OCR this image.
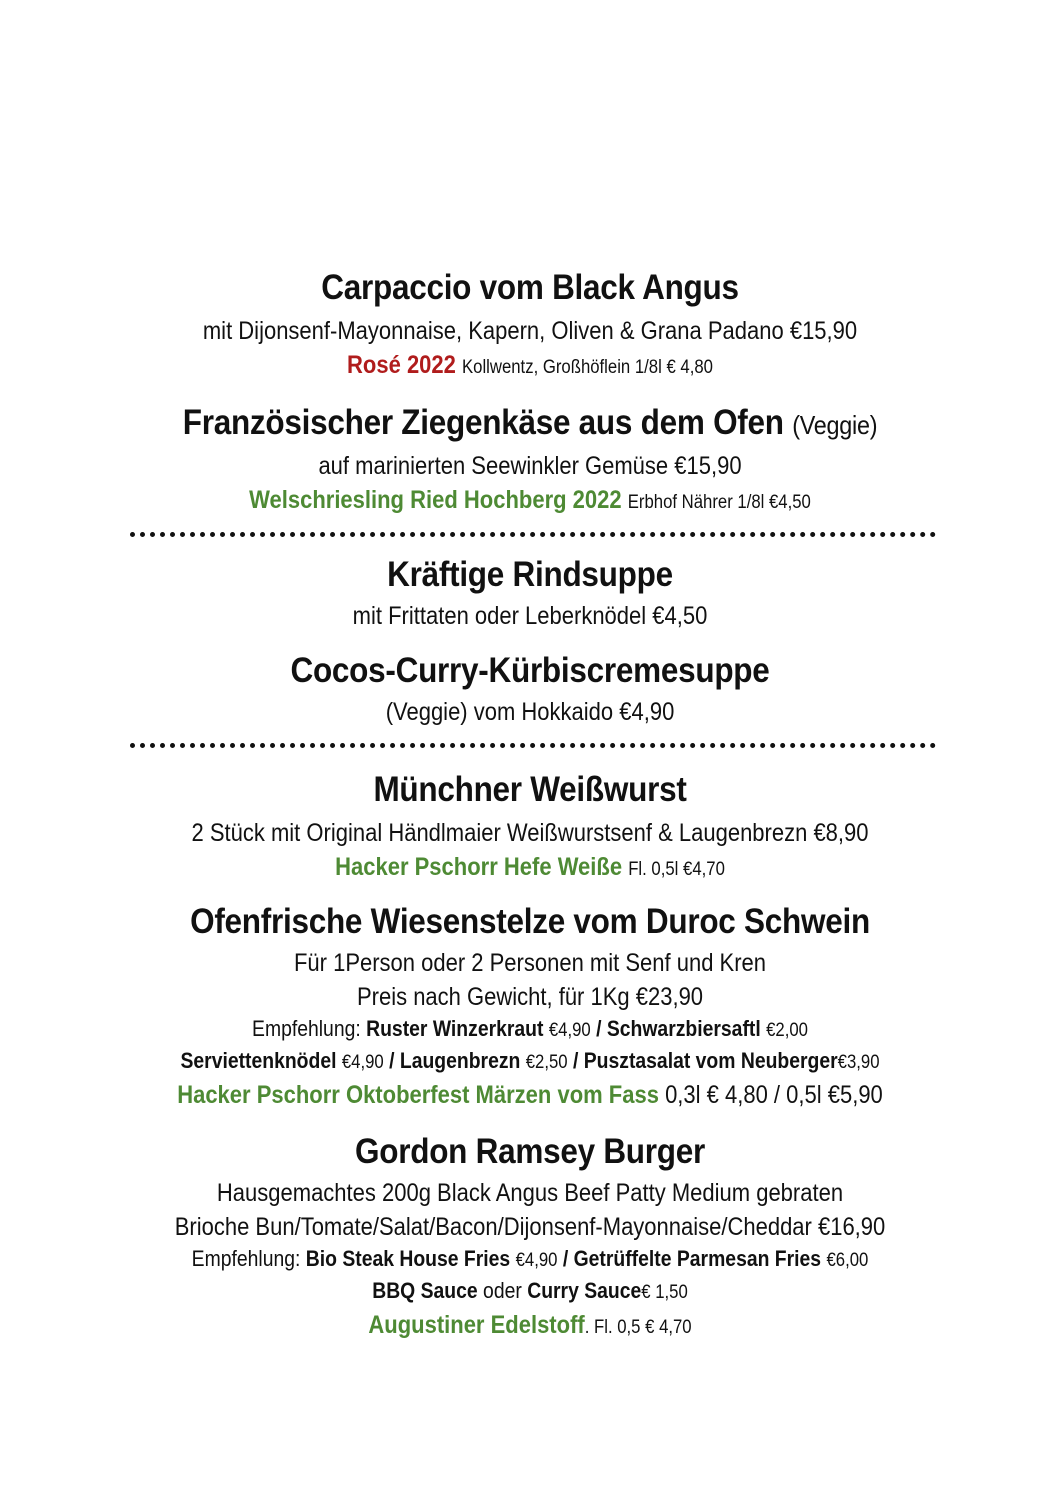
Carpaccio vom Black Angus
mit Dijonsenf-Mayonnaise, Kapern, Oliven & Grana Padano €15,90
Rosé 2022 Kollwentz, Großhöflein 1/8l € 4,80
Französischer Ziegenkäse aus dem Ofen (Veggie)
auf marinierten Seewinkler Gemüse €15,90
Welschriesling Ried Hochberg 2022 Erbhof Nährer 1/8l €4,50
Kräftige Rindsuppe
mit Frittaten oder Leberknödel €4,50
Cocos-Curry-Kürbiscremesuppe
(Veggie) vom Hokkaido €4,90
Münchner Weißwurst
2 Stück mit Original Händlmaier Weißwurstsenf & Laugenbrezn €8,90
Hacker Pschorr Hefe Weiße Fl. 0,5l €4,70
Ofenfrische Wiesenstelze vom Duroc Schwein
Für 1Person oder 2 Personen mit Senf und Kren
Preis nach Gewicht, für 1Kg €23,90
Empfehlung: Ruster Winzerkraut €4,90 / Schwarzbiersaftl €2,00
Serviettenknödel €4,90 / Laugenbrezn €2,50 / Pusztasalat vom Neuberger€3,90
Hacker Pschorr Oktoberfest Märzen vom Fass 0,3l € 4,80 / 0,5l €5,90
Gordon Ramsey Burger
Hausgemachtes 200g Black Angus Beef Patty Medium gebraten
Brioche Bun/Tomate/Salat/Bacon/Dijonsenf-Mayonnaise/Cheddar €16,90
Empfehlung: Bio Steak House Fries €4,90 / Getrüffelte Parmesan Fries €6,00
BBQ Sauce oder Curry Sauce€ 1,50
Augustiner Edelstoff. Fl. 0,5 € 4,70
